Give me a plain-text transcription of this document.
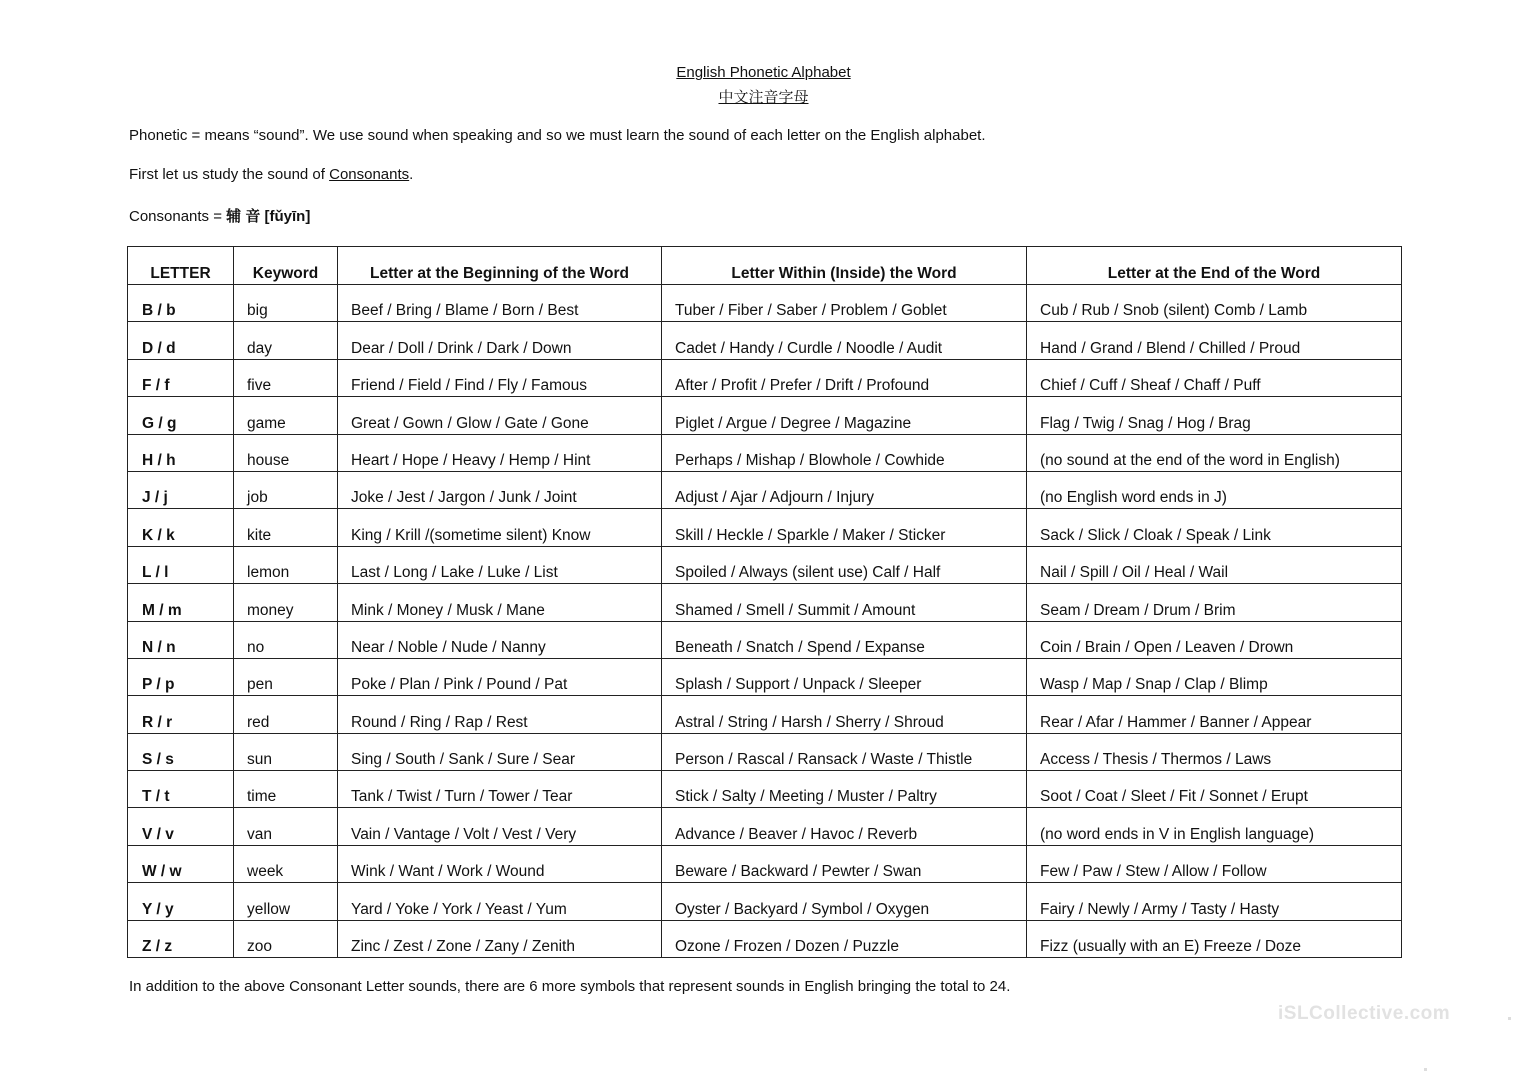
English Phonetic Alphabet
中文注音字母
Phonetic = means “sound”. We use sound when speaking and so we must learn the sound of each letter on the English alphabet.
First let us study the sound of Consonants.
Consonants = 辅 音 [fǔyīn]
LETTER	Keyword	Letter at the Beginning of the Word	Letter Within (Inside) the Word	Letter at the End of the Word
B / b	big	Beef / Bring / Blame / Born / Best	Tuber / Fiber / Saber / Problem / Goblet	Cub / Rub / Snob (silent) Comb / Lamb
D / d	day	Dear / Doll / Drink / Dark / Down	Cadet / Handy / Curdle / Noodle / Audit	Hand / Grand / Blend / Chilled / Proud
F / f	five	Friend / Field / Find / Fly / Famous	After / Profit / Prefer / Drift / Profound	Chief / Cuff / Sheaf / Chaff / Puff
G / g	game	Great / Gown / Glow / Gate / Gone	Piglet / Argue / Degree / Magazine	Flag / Twig / Snag / Hog / Brag
H / h	house	Heart / Hope / Heavy / Hemp / Hint	Perhaps / Mishap / Blowhole / Cowhide	(no sound at the end of the word in English)
J / j	job	Joke / Jest / Jargon / Junk / Joint	Adjust / Ajar / Adjourn / Injury	(no English word ends in J)
K / k	kite	King / Krill /(sometime silent) Know	Skill / Heckle / Sparkle / Maker / Sticker	Sack / Slick / Cloak / Speak / Link
L / l	lemon	Last / Long / Lake / Luke / List	Spoiled / Always (silent use) Calf / Half	Nail / Spill / Oil / Heal / Wail
M / m	money	Mink / Money / Musk / Mane	Shamed / Smell / Summit / Amount	Seam / Dream / Drum / Brim
N / n	no	Near / Noble / Nude / Nanny	Beneath / Snatch / Spend / Expanse	Coin / Brain / Open / Leaven / Drown
P / p	pen	Poke / Plan / Pink / Pound / Pat	Splash / Support / Unpack / Sleeper	Wasp / Map / Snap / Clap / Blimp
R / r	red	Round / Ring / Rap / Rest	Astral / String / Harsh / Sherry / Shroud	Rear / Afar / Hammer / Banner / Appear
S / s	sun	Sing / South / Sank / Sure / Sear	Person / Rascal / Ransack / Waste / Thistle	Access / Thesis / Thermos / Laws
T / t	time	Tank / Twist / Turn / Tower / Tear	Stick / Salty / Meeting / Muster / Paltry	Soot / Coat / Sleet / Fit / Sonnet / Erupt
V / v	van	Vain / Vantage / Volt / Vest / Very	Advance / Beaver / Havoc / Reverb	(no word ends in V in English language)
W / w	week	Wink / Want / Work / Wound	Beware / Backward / Pewter / Swan	Few / Paw / Stew / Allow / Follow
Y / y	yellow	Yard / Yoke / York / Yeast / Yum	Oyster / Backyard / Symbol / Oxygen	Fairy / Newly / Army / Tasty / Hasty
Z / z	zoo	Zinc / Zest / Zone / Zany / Zenith	Ozone / Frozen / Dozen / Puzzle	Fizz (usually with an E) Freeze / Doze
In addition to the above Consonant Letter sounds, there are 6 more symbols that represent sounds in English bringing the total to 24.
iSLCollective.com
